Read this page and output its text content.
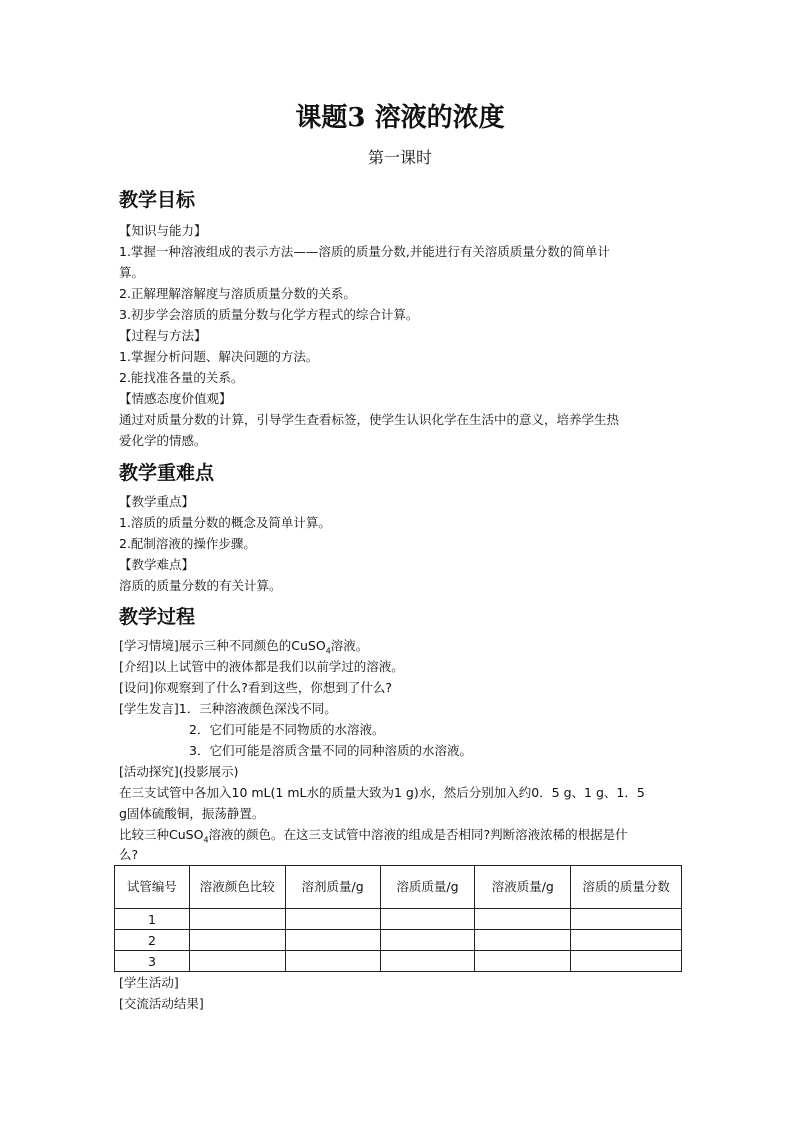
课题3 溶液的浓度
第一课时
教学目标
【知识与能力】
1.掌握一种溶液组成的表示方法——溶质的质量分数,并能进行有关溶质质量分数的简单计
算。
2.正解理解溶解度与溶质质量分数的关系。
3.初步学会溶质的质量分数与化学方程式的综合计算。
【过程与方法】
1.掌握分析问题、解决问题的方法。
2.能找准各量的关系。
【情感态度价值观】
通过对质量分数的计算，引导学生查看标签，使学生认识化学在生活中的意义，培养学生热
爱化学的情感。
教学重难点
【教学重点】
1.溶质的质量分数的概念及简单计算。
2.配制溶液的操作步骤。
【教学难点】
溶质的质量分数的有关计算。
教学过程
[学习情境]展示三种不同颜色的CuSO$_4$溶液。
[介绍]以上试管中的液体都是我们以前学过的溶液。
[设问]你观察到了什么?看到这些，你想到了什么?
[学生发言]1．三种溶液颜色深浅不同。
2．它们可能是不同物质的水溶液。
3．它们可能是溶质含量不同的同种溶质的水溶液。
[活动探究](投影展示)
在三支试管中各加入10 mL(1 mL水的质量大致为1 g)水，然后分别加入约0．5 g、1 g、1．5
g固体硫酸铜，振荡静置。
比较三种CuSO$_4$溶液的颜色。在这三支试管中溶液的组成是否相同?判断溶液浓稀的根据是什
么?
试管编号	溶液颜色比较	溶剂质量/g	溶质质量/g	溶液质量/g	溶质的质量分数
1					
2					
3					
[学生活动]
[交流活动结果]
